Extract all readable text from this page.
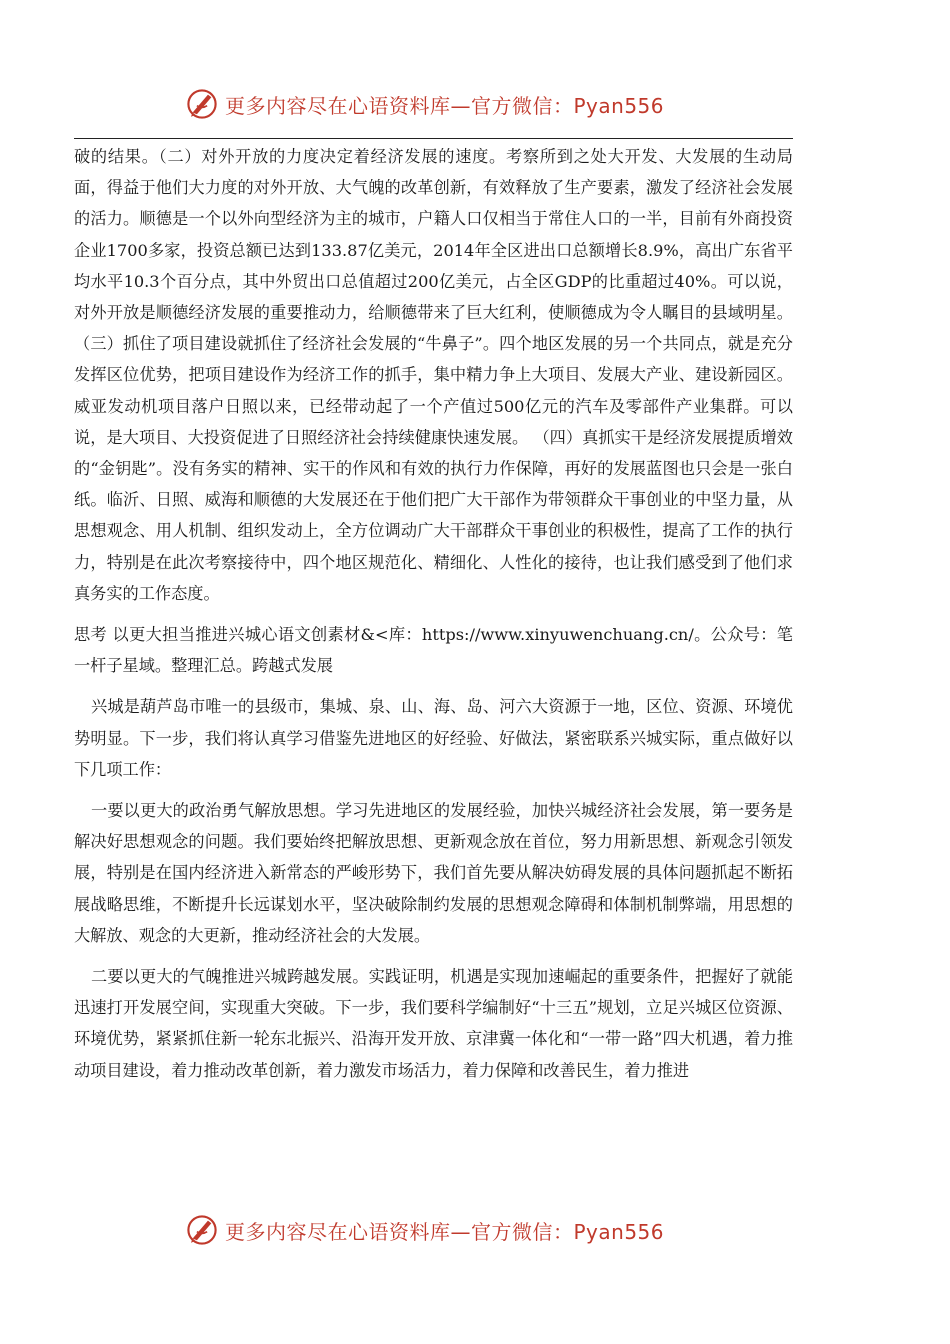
更多内容尽在心语资料库—官方微信：Pyan556

破的结果。（二）对外开放的力度决定着经济发展的速度。考察所到之处大开发、大发展的生动局面，得益于他们大力度的对外开放、大气魄的改革创新，有效释放了生产要素，激发了经济社会发展的活力。顺德是一个以外向型经济为主的城市，户籍人口仅相当于常住人口的一半，目前有外商投资企业1700多家，投资总额已达到133.87亿美元，2014年全区进出口总额增长8.9%，高出广东省平均水平10.3个百分点，其中外贸出口总值超过200亿美元，占全区GDP的比重超过40%。可以说，对外开放是顺德经济发展的重要推动力，给顺德带来了巨大红利，使顺德成为令人瞩目的县域明星。 （三）抓住了项目建设就抓住了经济社会发展的“牛鼻子”。四个地区发展的另一个共同点，就是充分发挥区位优势，把项目建设作为经济工作的抓手，集中精力争上大项目、发展大产业、建设新园区。威亚发动机项目落户日照以来，已经带动起了一个产值过500亿元的汽车及零部件产业集群。可以说，是大项目、大投资促进了日照经济社会持续健康快速发展。 （四）真抓实干是经济发展提质增效的“金钥匙”。没有务实的精神、实干的作风和有效的执行力作保障，再好的发展蓝图也只会是一张白纸。临沂、日照、威海和顺德的大发展还在于他们把广大干部作为带领群众干事创业的中坚力量，从思想观念、用人机制、组织发动上，全方位调动广大干部群众干事创业的积极性，提高了工作的执行力，特别是在此次考察接待中，四个地区规范化、精细化、人性化的接待，也让我们感受到了他们求真务实的工作态度。

思考 以更大担当推进兴城心语文创素材&<库：https://www.xinyuwenchuang.cn/。公众号：笔一杆子星域。整理汇总。跨越式发展

兴城是葫芦岛市唯一的县级市，集城、泉、山、海、岛、河六大资源于一地，区位、资源、环境优势明显。下一步，我们将认真学习借鉴先进地区的好经验、好做法，紧密联系兴城实际，重点做好以下几项工作：

一要以更大的政治勇气解放思想。学习先进地区的发展经验，加快兴城经济社会发展，第一要务是解决好思想观念的问题。我们要始终把解放思想、更新观念放在首位，努力用新思想、新观念引领发展，特别是在国内经济进入新常态的严峻形势下，我们首先要从解决妨碍发展的具体问题抓起不断拓展战略思维，不断提升长远谋划水平，坚决破除制约发展的思想观念障碍和体制机制弊端，用思想的大解放、观念的大更新，推动经济社会的大发展。

二要以更大的气魄推进兴城跨越发展。实践证明，机遇是实现加速崛起的重要条件，把握好了就能迅速打开发展空间，实现重大突破。下一步，我们要科学编制好“十三五”规划，立足兴城区位资源、环境优势，紧紧抓住新一轮东北振兴、沿海开发开放、京津冀一体化和“一带一路”四大机遇，着力推动项目建设，着力推动改革创新，着力激发市场活力，着力保障和改善民生，着力推进

更多内容尽在心语资料库—官方微信：Pyan556
